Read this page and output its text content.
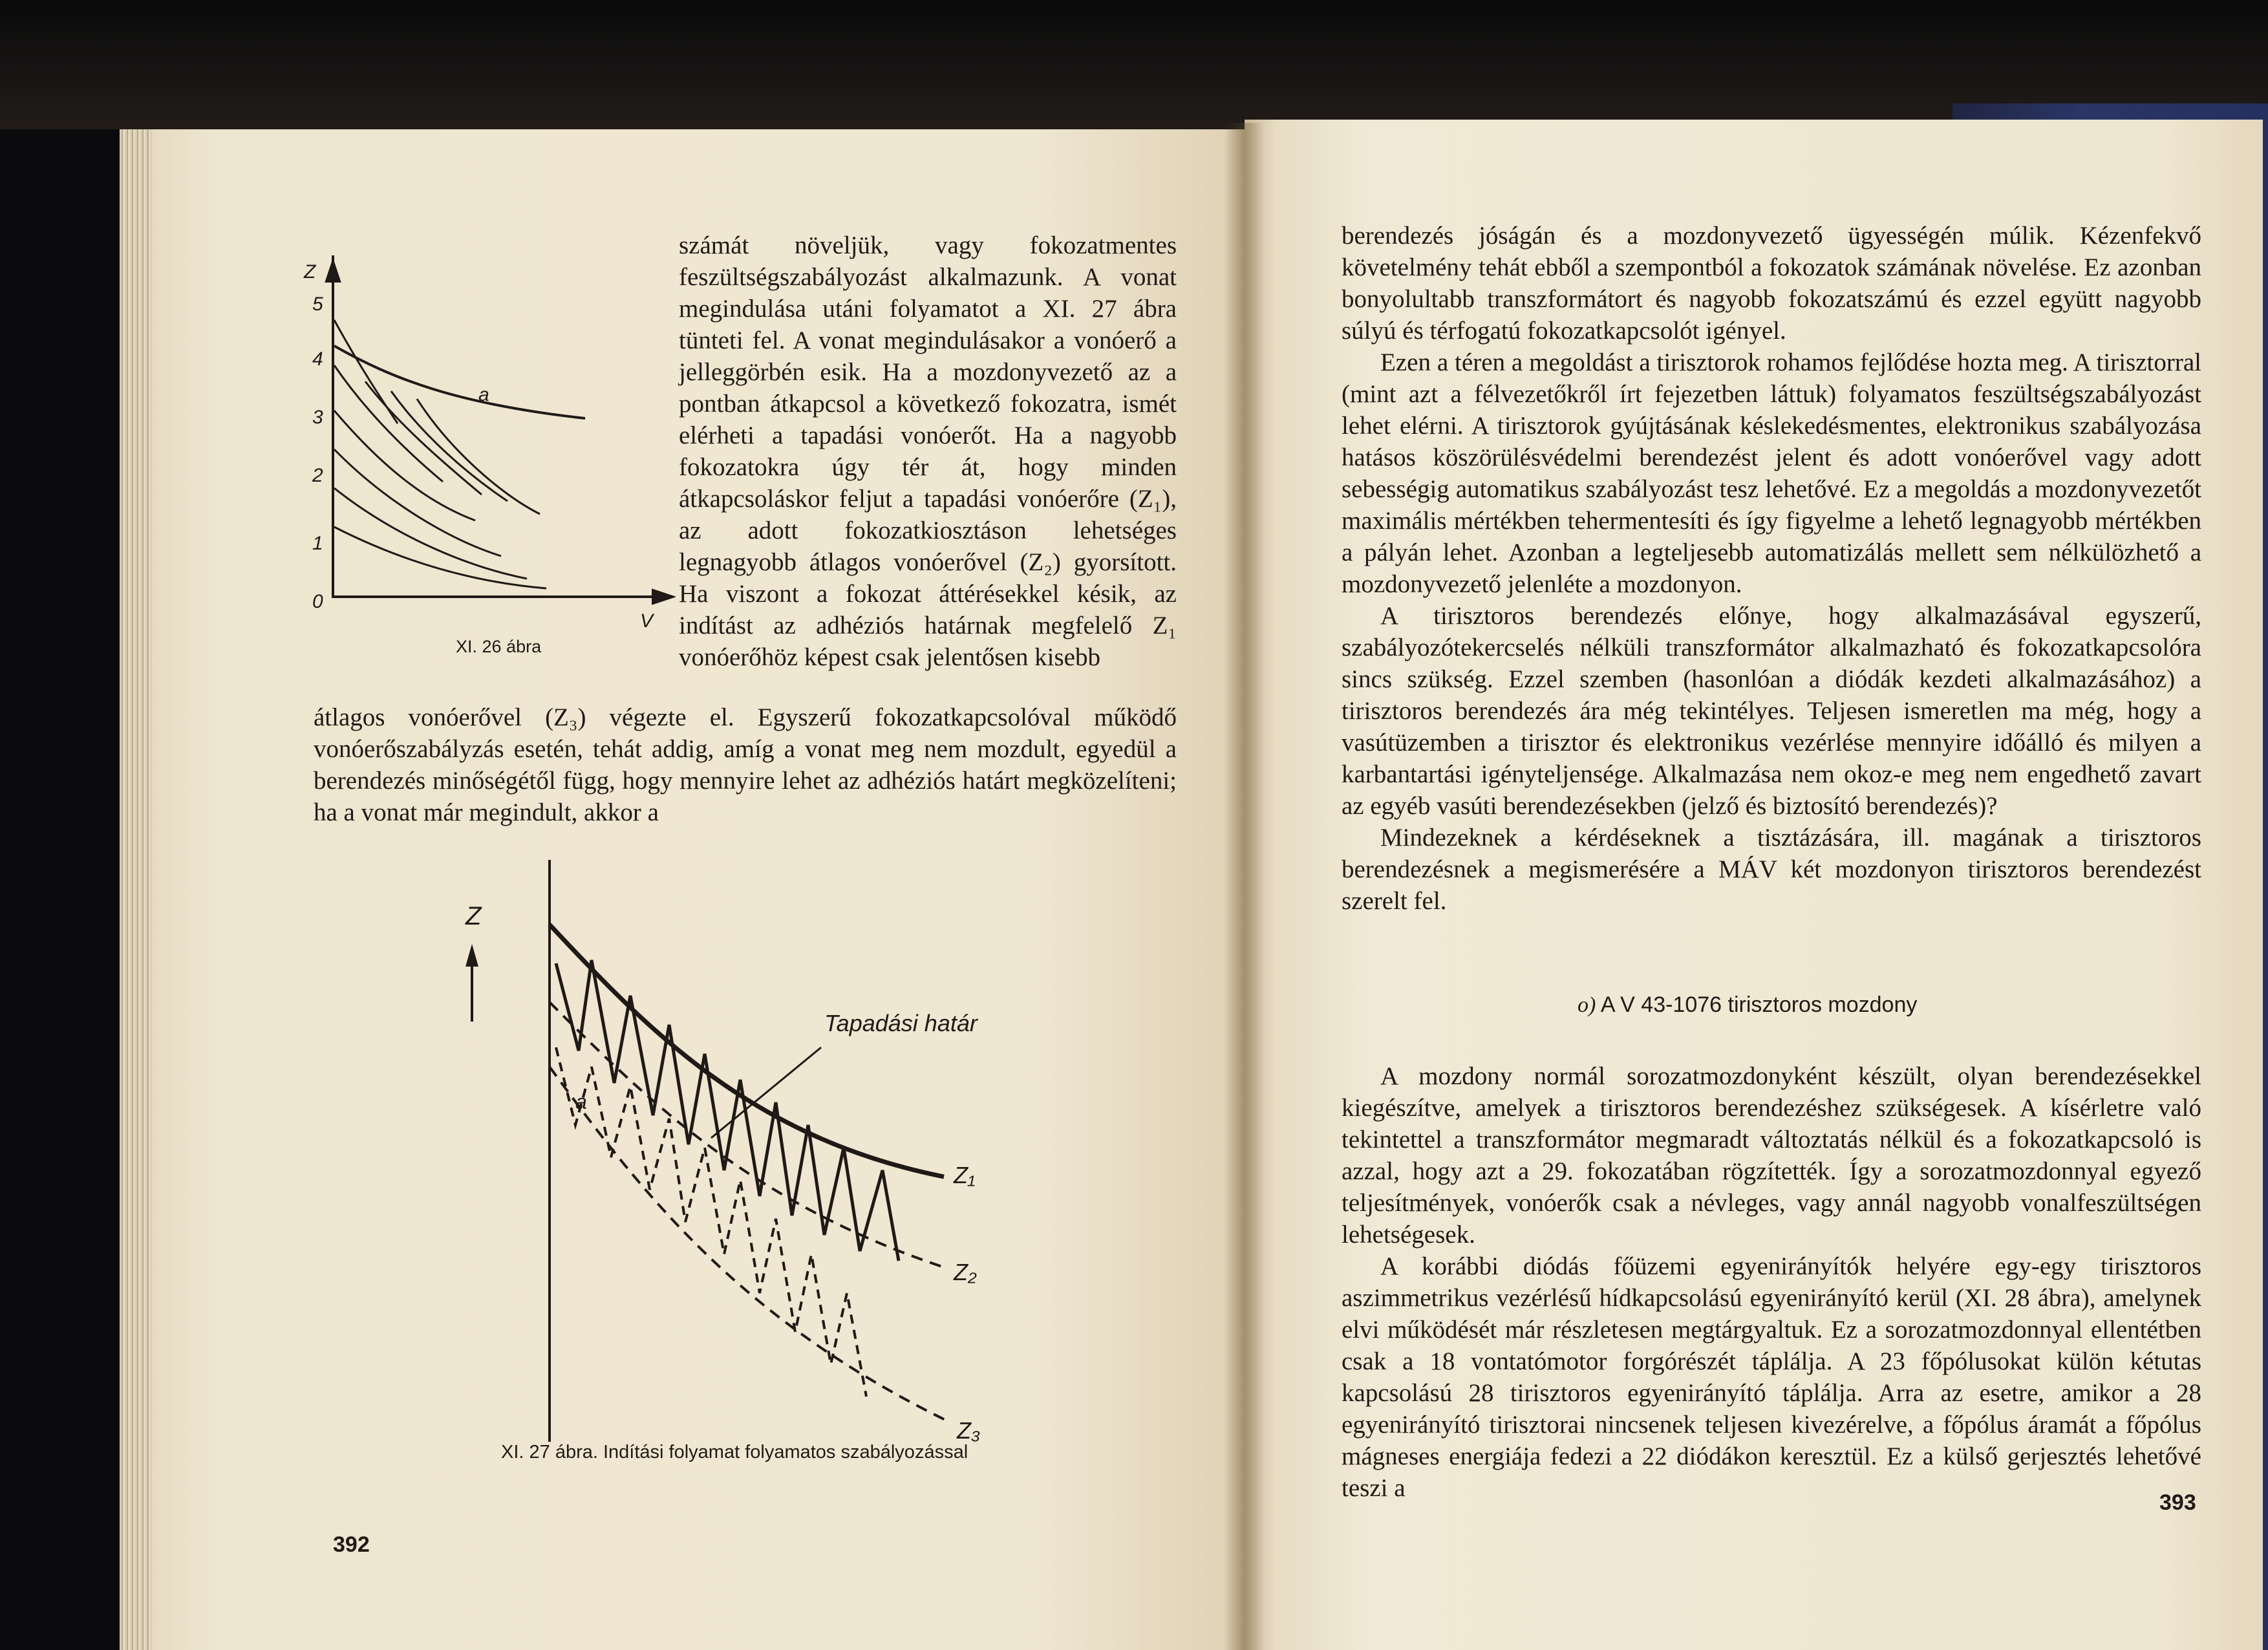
Z
0
1
2
3
4
5
a
V
XI. 26 ábra

számát növeljük, vagy fokozatmentes feszültségszabályozást alkalmazunk. A vonat megindulása utáni folyamatot a XI. 27 ábra tünteti fel. A vonat megindulásakor a vonóerő a jelleggörbén esik. Ha a mozdonyvezető az a pontban átkapcsol a következő fokozatra, ismét elérheti a tapadási vonóerőt. Ha a nagyobb fokozatokra úgy tér át, hogy minden átkapcsoláskor feljut a tapadási vonóerőre (Z₁), az adott fokozatkiosztáson lehetséges legnagyobb átlagos vonóerővel (Z₂) gyorsított. Ha viszont a fokozat áttérésekkel késik, az indítást az adhéziós határnak megfelelő Z₁ vonóerőhöz képest csak jelentősen kisebb

átlagos vonóerővel (Z₃) végezte el. Egyszerű fokozatkapcsolóval működő vonóerőszabályzás esetén, tehát addig, amíg a vonat meg nem mozdult, egyedül a berendezés minőségétől függ, hogy mennyire lehet az adhéziós határt megközelíteni; ha a vonat már megindult, akkor a

Z
Tapadási határ
a
Z₁
Z₂
Z₃
XI. 27 ábra. Indítási folyamat folyamatos szabályozással
392

berendezés jóságán és a mozdonyvezető ügyességén múlik. Kézenfekvő követelmény tehát ebből a szempontból a fokozatok számának növelése. Ez azonban bonyolultabb transzformátort és nagyobb fokozatszámú és ezzel együtt nagyobb súlyú és térfogatú fokozatkapcsolót igényel.

Ezen a téren a megoldást a tirisztorok rohamos fejlődése hozta meg. A tirisztorral (mint azt a félvezetőkről írt fejezetben láttuk) folyamatos feszültségszabályozást lehet elérni. A tirisztorok gyújtásának késlekedésmentes, elektronikus szabályozása hatásos köszörülésvédelmi berendezést jelent és adott vonóerővel vagy adott sebességig automatikus szabályozást tesz lehetővé. Ez a megoldás a mozdonyvezetőt maximális mértékben tehermentesíti és így figyelme a lehető legnagyobb mértékben a pályán lehet. Azonban a legteljesebb automatizálás mellett sem nélkülözhető a mozdonyvezető jelenléte a mozdonyon.

A tirisztoros berendezés előnye, hogy alkalmazásával egyszerű, szabályozótekercselés nélküli transzformátor alkalmazható és fokozatkapcsolóra sincs szükség. Ezzel szemben (hasonlóan a diódák kezdeti alkalmazásához) a tirisztoros berendezés ára még tekintélyes. Teljesen ismeretlen ma még, hogy a vasútüzemben a tirisztor és elektronikus vezérlése mennyire időálló és milyen a karbantartási igényteljensége. Alkalmazása nem okoz-e meg nem engedhető zavart az egyéb vasúti berendezésekben (jelző és biztosító berendezés)?

Mindezeknek a kérdéseknek a tisztázására, ill. magának a tirisztoros berendezésnek a megismerésére a MÁV két mozdonyon tirisztoros berendezést szerelt fel.

o) A V 43-1076 tirisztoros mozdony

A mozdony normál sorozatmozdonyként készült, olyan berendezésekkel kiegészítve, amelyek a tirisztoros berendezéshez szükségesek. A kísérletre való tekintettel a transzformátor megmaradt változtatás nélkül és a fokozatkapcsoló is azzal, hogy azt a 29. fokozatában rögzítették. Így a sorozatmozdonnyal egyező teljesítmények, vonóerők csak a névleges, vagy annál nagyobb vonalfeszültségen lehetségesek.

A korábbi diódás főüzemi egyenirányítók helyére egy-egy tirisztoros aszimmetrikus vezérlésű hídkapcsolású egyenirányító kerül (XI. 28 ábra), amelynek elvi működését már részletesen megtárgyaltuk. Ez a sorozatmozdonnyal ellentétben csak a 18 vontatómotor forgórészét táplálja. A 23 főpólusokat külön kétutas kapcsolású 28 tirisztoros egyenirányító táplálja. Arra az esetre, amikor a 28 egyenirányító tirisztorai nincsenek teljesen kivezérelve, a főpólus áramát a főpólus mágneses energiája fedezi a 22 diódákon keresztül. Ez a külső gerjesztés lehetővé teszi a

393
